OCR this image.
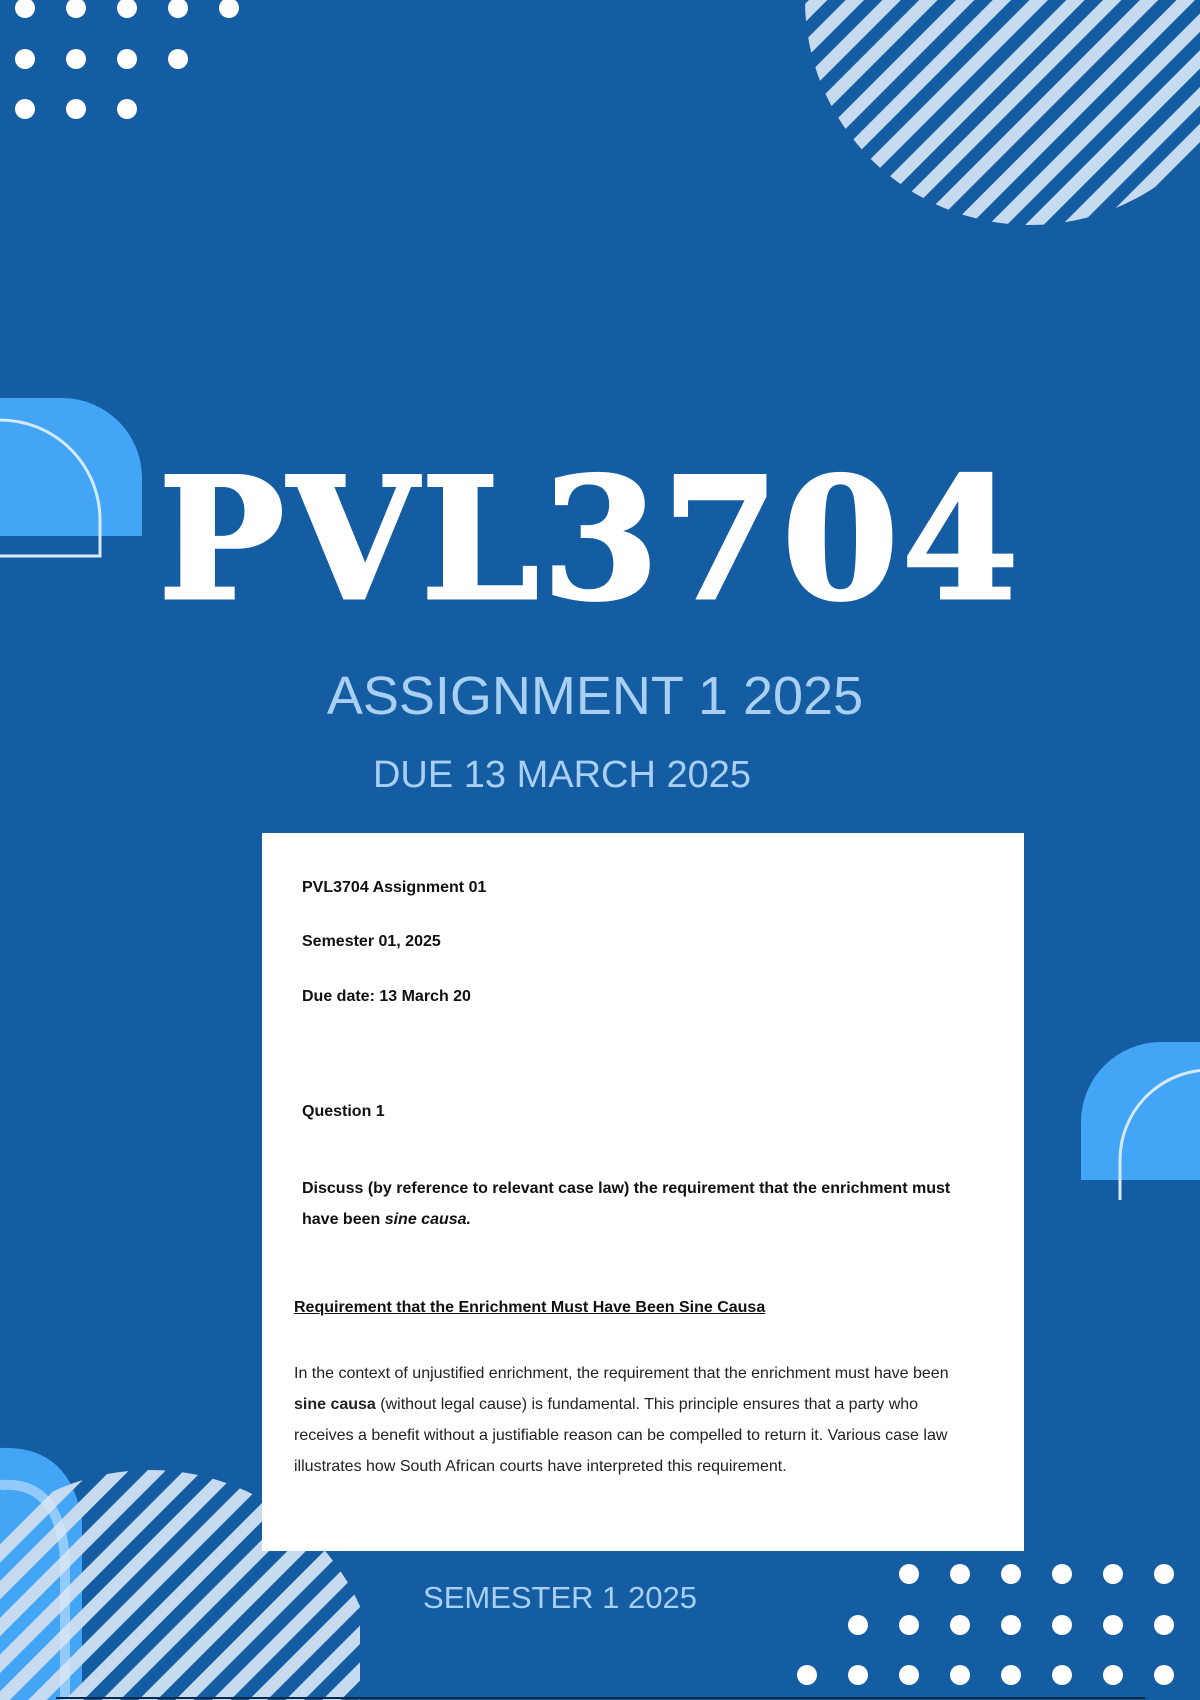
PVL3704
ASSIGNMENT 1 2025
DUE 13 MARCH 2025
PVL3704 Assignment 01
Semester 01, 2025
Due date: 13 March 20
Question 1
Discuss (by reference to relevant case law) the requirement that the enrichment must have been sine causa.
Requirement that the Enrichment Must Have Been Sine Causa
In the context of unjustified enrichment, the requirement that the enrichment must have been sine causa (without legal cause) is fundamental. This principle ensures that a party who receives a benefit without a justifiable reason can be compelled to return it. Various case law illustrates how South African courts have interpreted this requirement.
SEMESTER 1 2025
